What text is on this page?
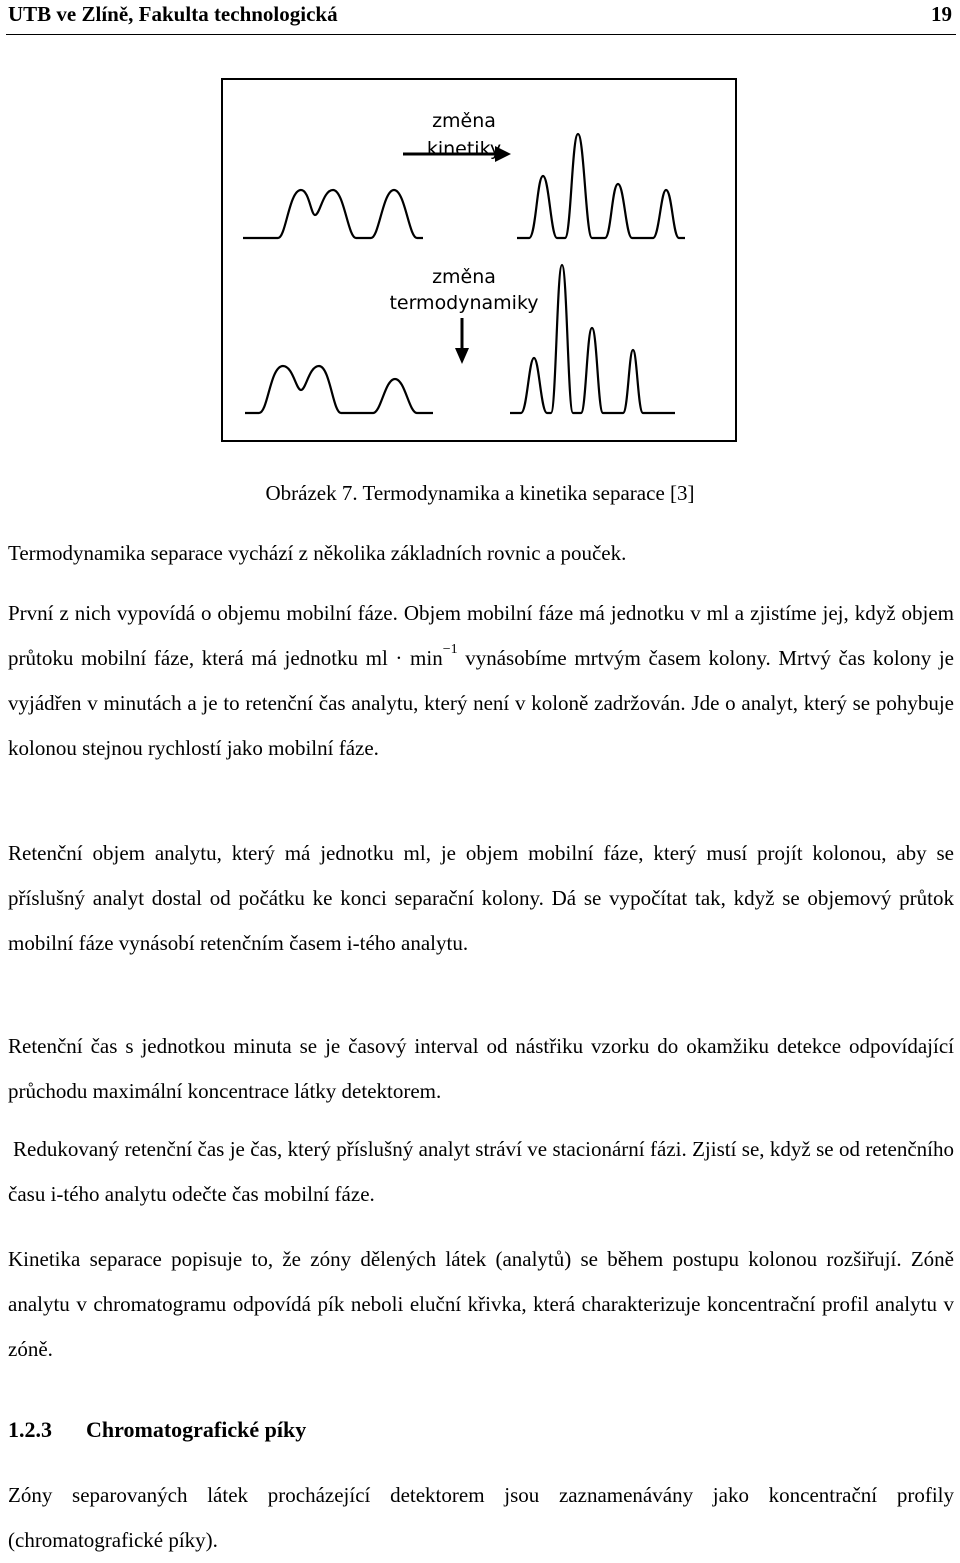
UTB ve Zlíně, Fakulta technologická	19
změna
kinetiky
změna
termodynamiky
Obrázek 7. Termodynamika a kinetika separace [3]

Termodynamika separace vychází z několika základních rovnic a pouček.

První z nich vypovídá o objemu mobilní fáze. Objem mobilní fáze má jednotku v ml a zjistíme jej, když objem průtoku mobilní fáze, která má jednotku ml · $\min^{-1}$ vynásobíme mrtvým časem kolony. Mrtvý čas kolony je vyjádřen v minutách a je to retenční čas analytu, který není v koloně zadržován. Jde o analyt, který se pohybuje kolonou stejnou rychlostí jako mobilní fáze.

Retenční objem analytu, který má jednotku ml, je objem mobilní fáze, který musí projít kolonou, aby se příslušný analyt dostal od počátku ke konci separační kolony. Dá se vypočítat tak, když se objemový průtok mobilní fáze vynásobí retenčním časem i-tého analytu.

Retenční čas s jednotkou minuta se je časový interval od nástřiku vzorku do okamžiku detekce odpovídající průchodu maximální koncentrace látky detektorem.

Redukovaný retenční čas je čas, který příslušný analyt stráví ve stacionární fázi. Zjistí se, když se od retenčního času i-tého analytu odečte čas mobilní fáze.

Kinetika separace popisuje to, že zóny dělených látek (analytů) se během postupu kolonou rozšiřují. Zóně analytu v chromatogramu odpovídá pík neboli eluční křivka, která charakterizuje koncentrační profil analytu v zóně.

1.2.3 Chromatografické píky

Zóny separovaných látek procházející detektorem jsou zaznamenávány jako koncentrační profily (chromatografické píky).
